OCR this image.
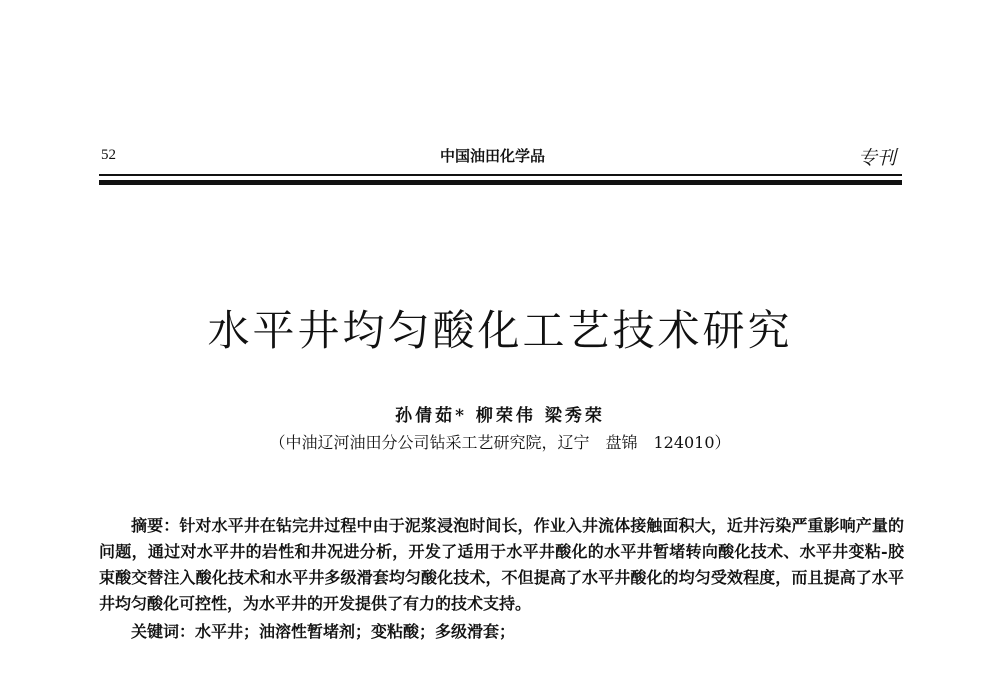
52	中国油田化学品	专刊
水平井均匀酸化工艺技术研究
孙倩茹* 柳荣伟 梁秀荣
（中油辽河油田分公司钻采工艺研究院，辽宁　盘锦　124010）

摘要：针对水平井在钻完井过程中由于泥浆浸泡时间长，作业入井流体接触面积大，近井污染严重影响产量的问题，通过对水平井的岩性和井况进分析，开发了适用于水平井酸化的水平井暂堵转向酸化技术、水平井变粘-胶束酸交替注入酸化技术和水平井多级滑套均匀酸化技术，不但提高了水平井酸化的均匀受效程度，而且提高了水平井均匀酸化可控性，为水平井的开发提供了有力的技术支持。

关键词：水平井；油溶性暂堵剂；变粘酸；多级滑套；
